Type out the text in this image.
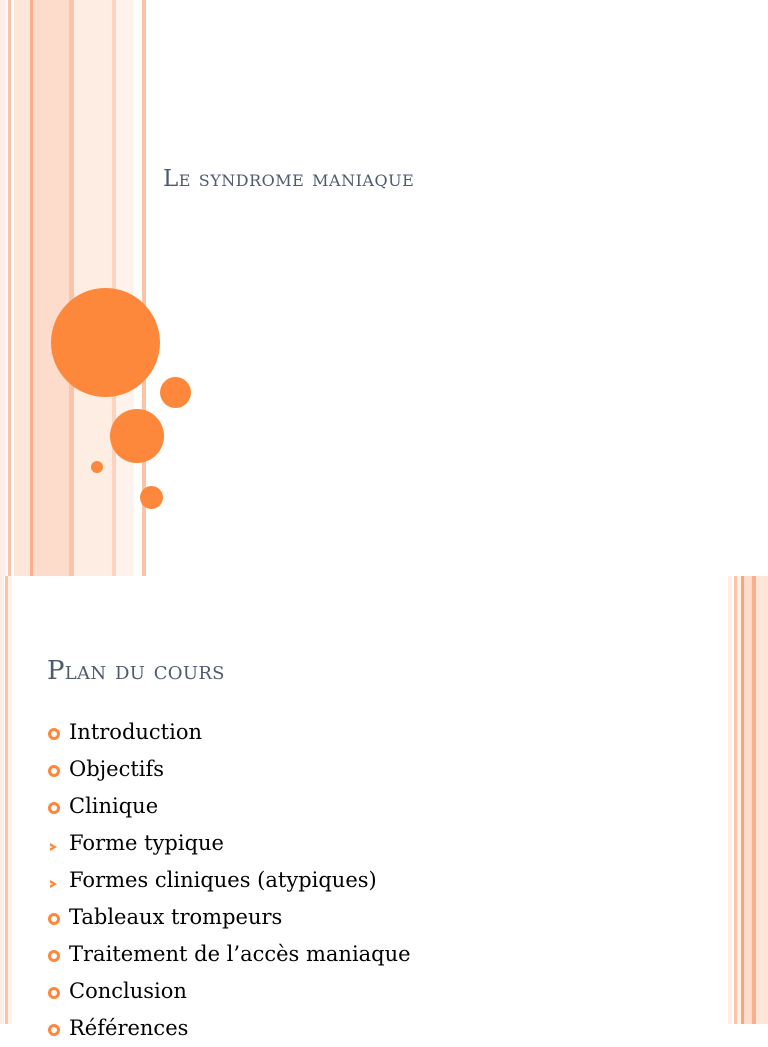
Le syndrome maniaque
Plan du cours
Introduction
Objectifs
Clinique
Forme typique
Formes cliniques (atypiques)
Tableaux trompeurs
Traitement de l’accès maniaque
Conclusion
Références
